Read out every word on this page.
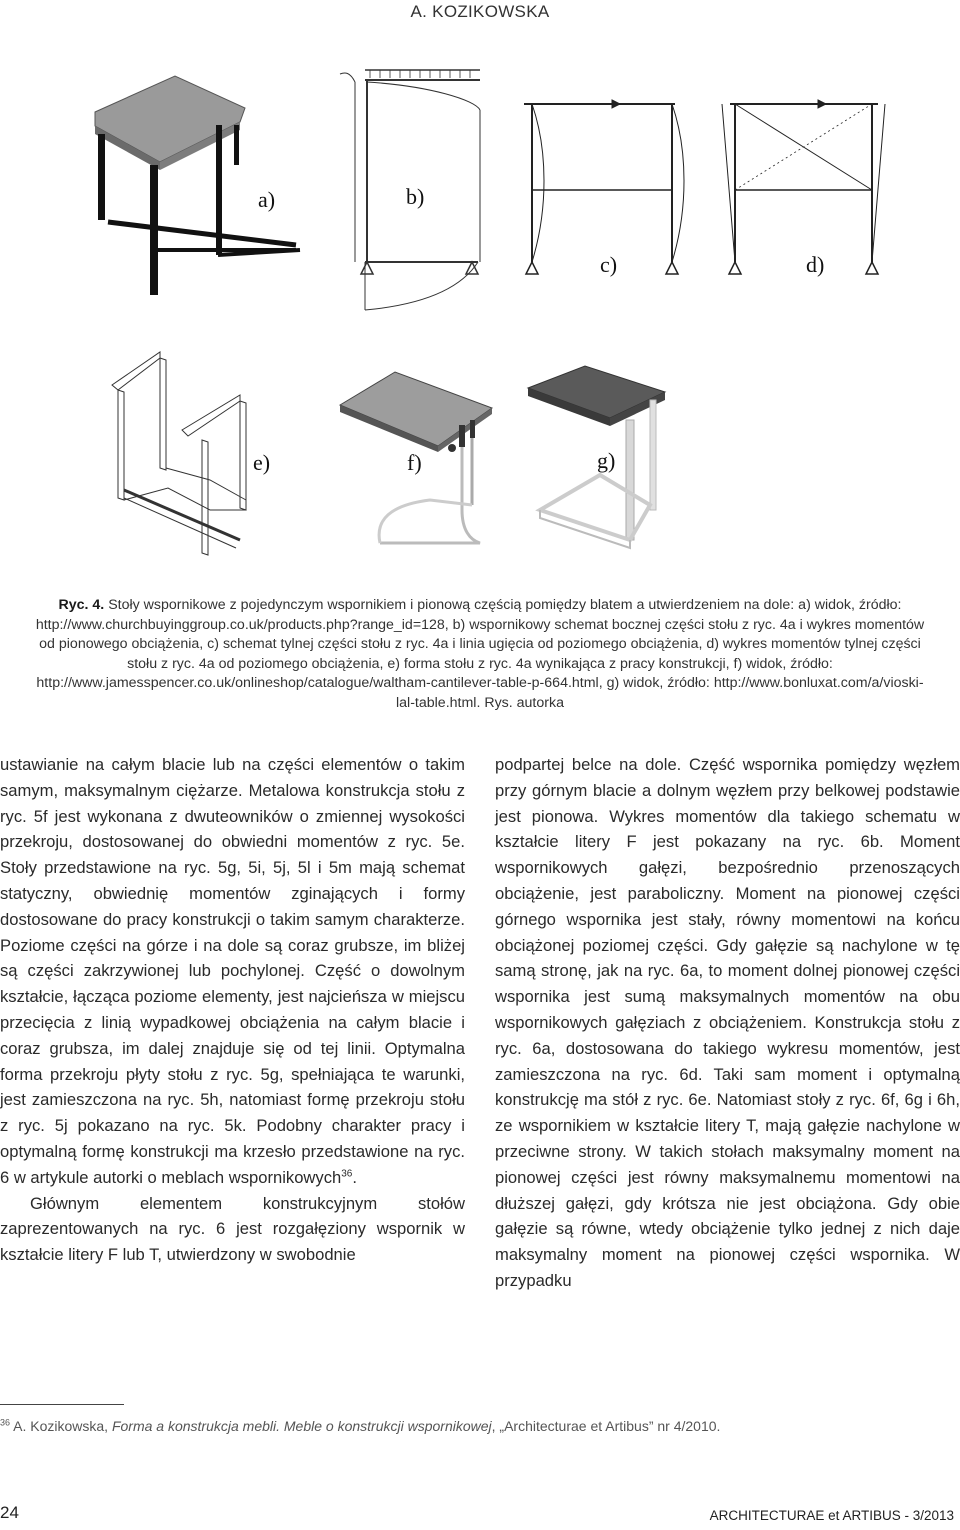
A. KOZIKOWSKA
a)	b)
c)	d)
e)	f)	g)
Ryc. 4. Stoły wspornikowe z pojedynczym wspornikiem i pionową częścią pomiędzy blatem a utwierdzeniem na dole: a) widok, źródło: http://www.churchbuyinggroup.co.uk/products.php?range_id=128, b) wspornikowy schemat bocznej części stołu z ryc. 4a i wykres momentów od pionowego obciążenia, c) schemat tylnej części stołu z ryc. 4a i linia ugięcia od poziomego obciążenia, d) wykres momentów tylnej części stołu z ryc. 4a od poziomego obciążenia, e) forma stołu z ryc. 4a wynikająca z pracy konstrukcji, f) widok, źródło: http://www.jamesspencer.co.uk/onlineshop/catalogue/waltham-cantilever-table-p-664.html, g) widok, źródło: http://www.bonluxat.com/a/vioski-lal-table.html. Rys. autorka

ustawianie na całym blacie lub na części elementów o takim samym, maksymalnym ciężarze. Metalowa konstrukcja stołu z ryc. 5f jest wykonana z dwuteowników o zmiennej wysokości przekroju, dostosowanej do obwiedni momentów z ryc. 5e. Stoły przedstawione na ryc. 5g, 5i, 5j, 5l i 5m mają schemat statyczny, obwiednię momentów zginających i formy dostosowane do pracy konstrukcji o takim samym charakterze. Poziome części na górze i na dole są coraz grubsze, im bliżej są części zakrzywionej lub pochylonej. Część o dowolnym kształcie, łącząca poziome elementy, jest najcieńsza w miejscu przecięcia z linią wypadkowej obciążenia na całym blacie i coraz grubsza, im dalej znajduje się od tej linii. Optymalna forma przekroju płyty stołu z ryc. 5g, spełniająca te warunki, jest zamieszczona na ryc. 5h, natomiast formę przekroju stołu z ryc. 5j pokazano na ryc. 5k. Podobny charakter pracy i optymalną formę konstrukcji ma krzesło przedstawione na ryc. 6 w artykule autorki o meblach wspornikowych$^{36}$.

Głównym elementem konstrukcyjnym stołów zaprezentowanych na ryc. 6 jest rozgałęziony wspornik w kształcie litery F lub T, utwierdzony w swobodnie

podpartej belce na dole. Część wspornika pomiędzy węzłem przy górnym blacie a dolnym węzłem przy belkowej podstawie jest pionowa. Wykres momentów dla takiego schematu w kształcie litery F jest pokazany na ryc. 6b. Moment wspornikowych gałęzi, bezpośrednio przenoszących obciążenie, jest paraboliczny. Moment na pionowej części górnego wspornika jest stały, równy momentowi na końcu obciążonej poziomej części. Gdy gałęzie są nachylone w tę samą stronę, jak na ryc. 6a, to moment dolnej pionowej części wspornika jest sumą maksymalnych momentów na obu wspornikowych gałęziach z obciążeniem. Konstrukcja stołu z ryc. 6a, dostosowana do takiego wykresu momentów, jest zamieszczona na ryc. 6d. Taki sam moment i optymalną konstrukcję ma stół z ryc. 6e. Natomiast stoły z ryc. 6f, 6g i 6h, ze wspornikiem w kształcie litery T, mają gałęzie nachylone w przeciwne strony. W takich stołach maksymalny moment na pionowej części jest równy maksymalnemu momentowi na dłuższej gałęzi, gdy krótsza nie jest obciążona. Gdy obie gałęzie są równe, wtedy obciążenie tylko jednej z nich daje maksymalny moment na pionowej części wspornika. W przypadku

$^{36}$ A. Kozikowska, Forma a konstrukcja mebli. Meble o konstrukcji wspornikowej, „Architecturae et Artibus” nr 4/2010.
24	ARCHITECTURAE et ARTIBUS - 3/2013
